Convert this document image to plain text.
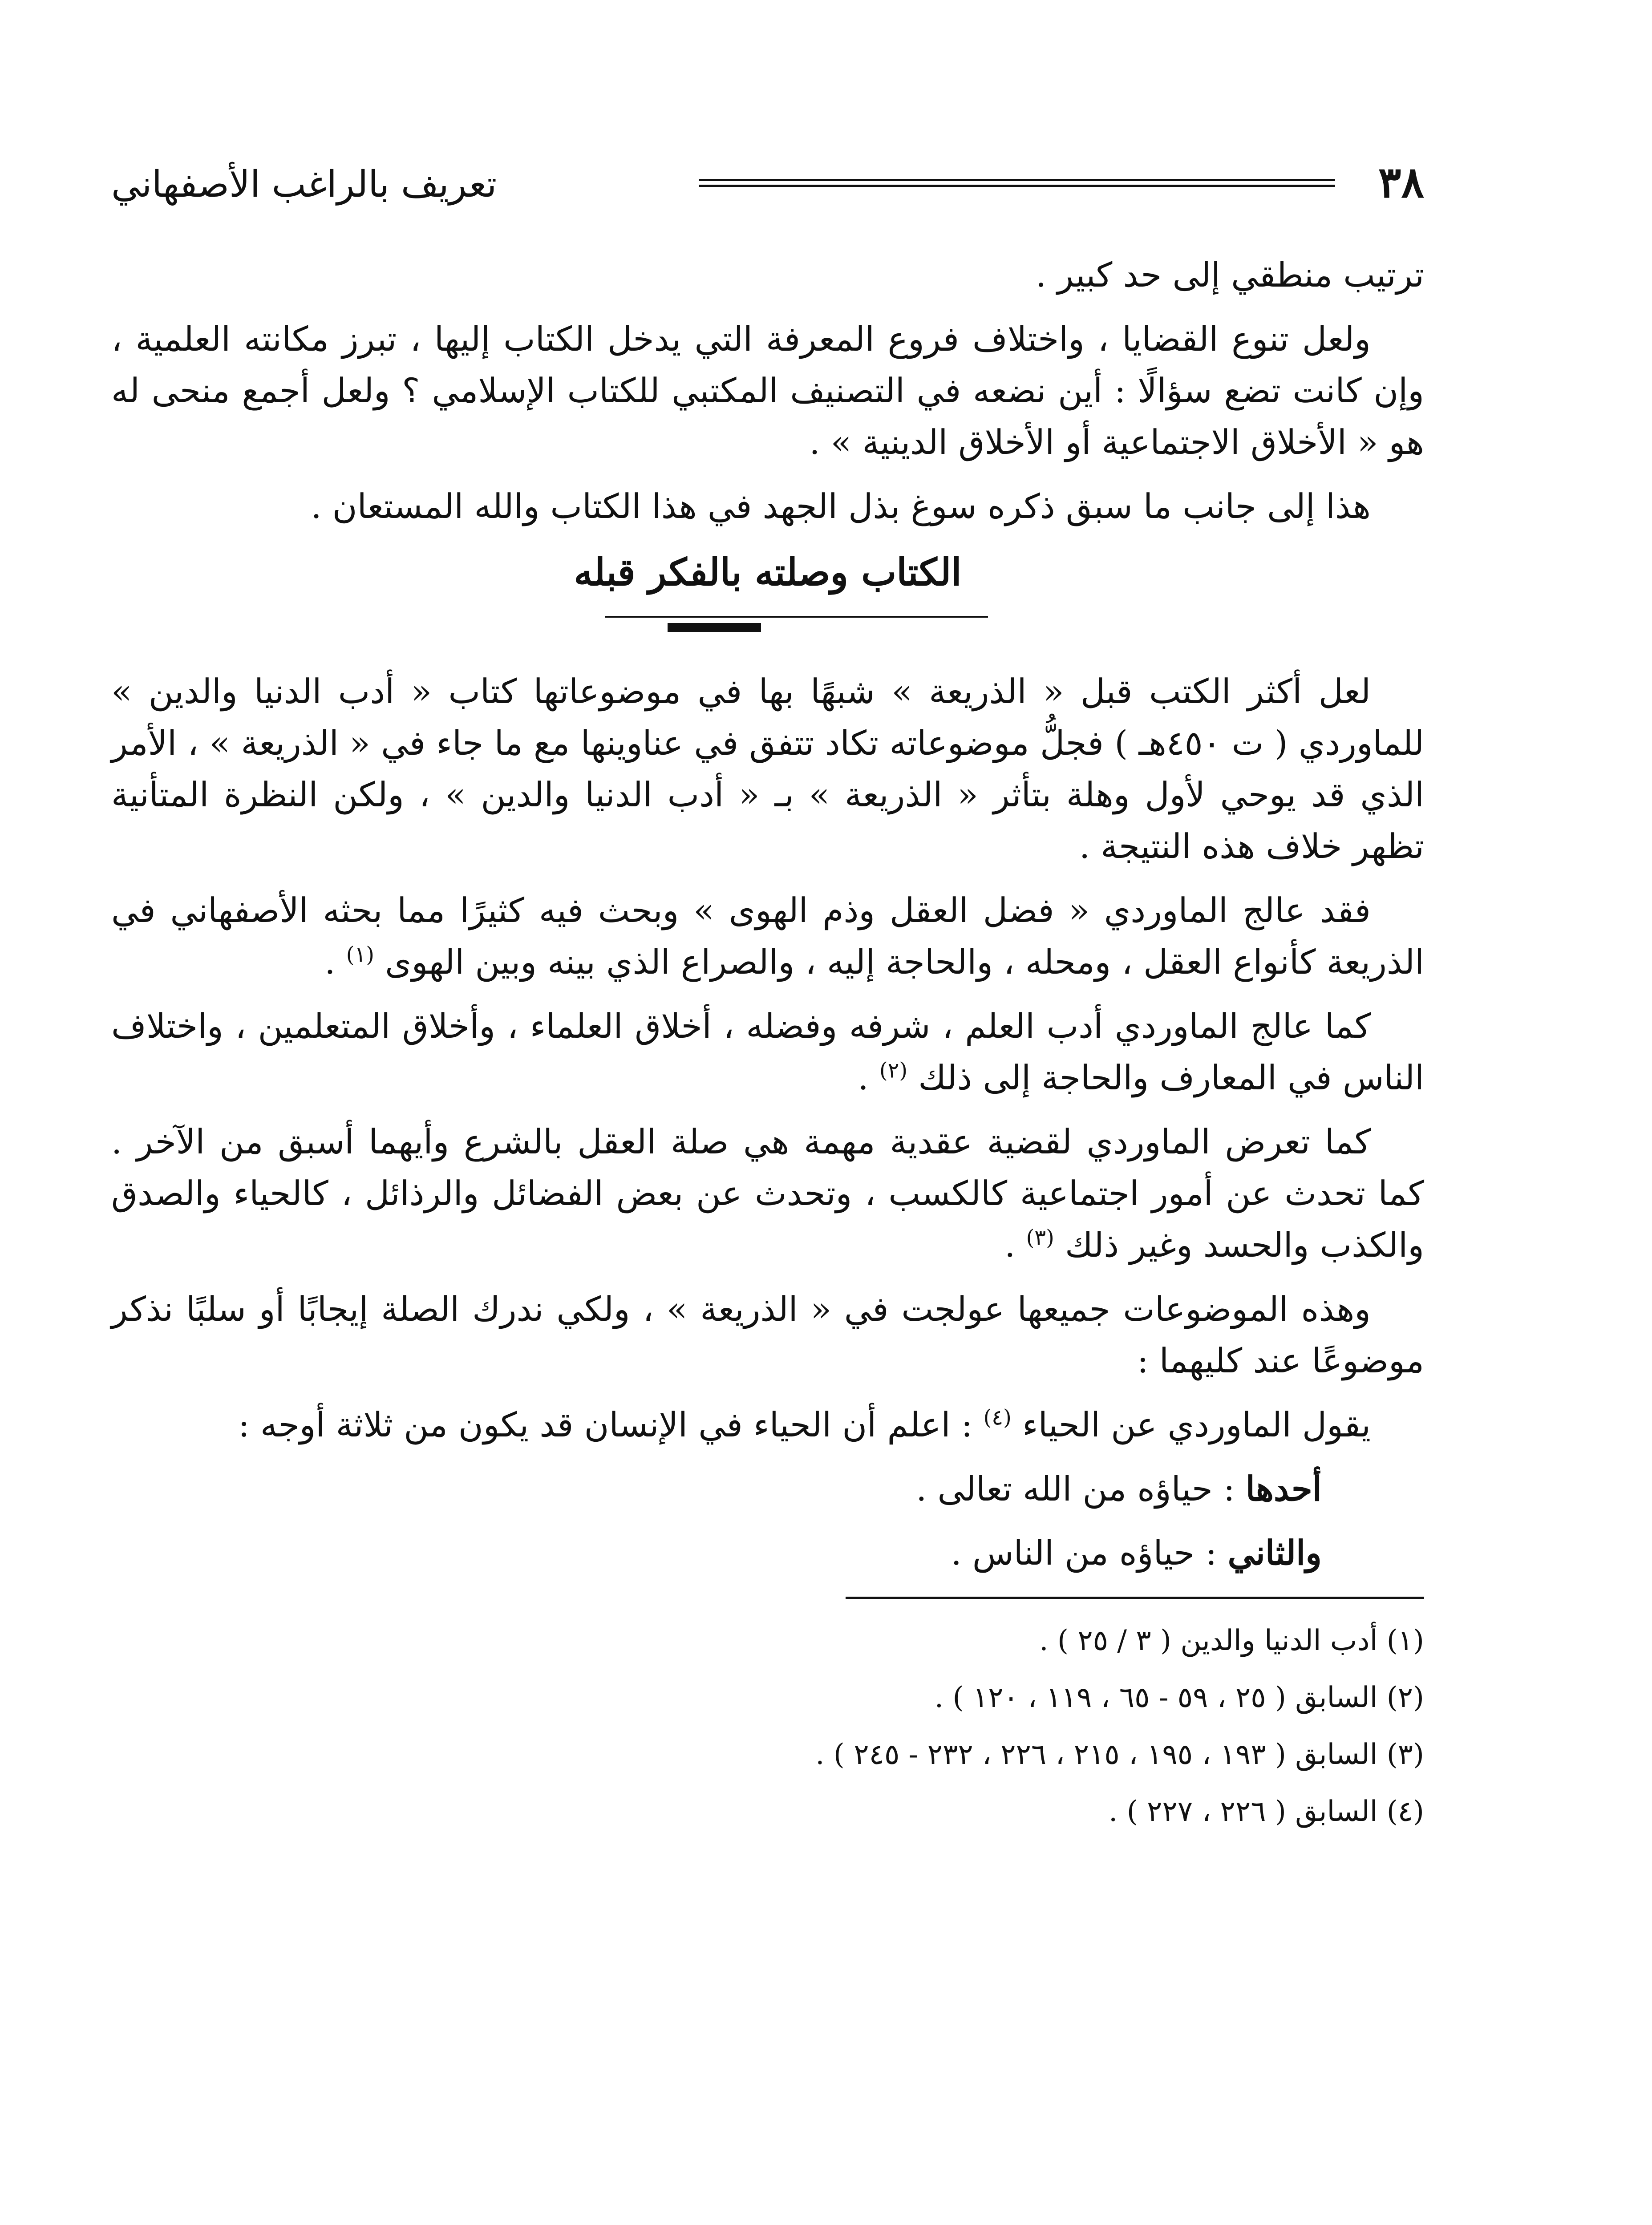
٣٨
تعريف بالراغب الأصفهاني

ترتيب منطقي إلى حد كبير .

ولعل تنوع القضايا ، واختلاف فروع المعرفة التي يدخل الكتاب إليها ، تبرز مكانته العلمية ، وإن كانت تضع سؤالًا : أين نضعه في التصنيف المكتبي للكتاب الإسلامي ؟ ولعل أجمع منحى له هو « الأخلاق الاجتماعية أو الأخلاق الدينية » .

هذا إلى جانب ما سبق ذكره سوغ بذل الجهد في هذا الكتاب والله المستعان .

الكتاب وصلته بالفكر قبله

لعل أكثر الكتب قبل « الذريعة » شبهًا بها في موضوعاتها كتاب « أدب الدنيا والدين » للماوردي ( ت ٤٥٠هـ ) فجلُّ موضوعاته تكاد تتفق في عناوينها مع ما جاء في « الذريعة » ، الأمر الذي قد يوحي لأول وهلة بتأثر « الذريعة » بـ « أدب الدنيا والدين » ، ولكن النظرة المتأنية تظهر خلاف هذه النتيجة .

فقد عالج الماوردي « فضل العقل وذم الهوى » وبحث فيه كثيرًا مما بحثه الأصفهاني في الذريعة كأنواع العقل ، ومحله ، والحاجة إليه ، والصراع الذي بينه وبين الهوى $^{(١)}$ .

كما عالج الماوردي أدب العلم ، شرفه وفضله ، أخلاق العلماء ، وأخلاق المتعلمين ، واختلاف الناس في المعارف والحاجة إلى ذلك $^{(٢)}$ .

كما تعرض الماوردي لقضية عقدية مهمة هي صلة العقل بالشرع وأيهما أسبق من الآخر . كما تحدث عن أمور اجتماعية كالكسب ، وتحدث عن بعض الفضائل والرذائل ، كالحياء والصدق والكذب والحسد وغير ذلك $^{(٣)}$ .

وهذه الموضوعات جميعها عولجت في « الذريعة » ، ولكي ندرك الصلة إيجابًا أو سلبًا نذكر موضوعًا عند كليهما :

يقول الماوردي عن الحياء $^{(٤)}$ : اعلم أن الحياء في الإنسان قد يكون من ثلاثة أوجه :

أحدها : حياؤه من الله تعالى .

والثاني : حياؤه من الناس .

(١) أدب الدنيا والدين ( ٣ / ٢٥ ) .

(٢) السابق ( ٢٥ ، ٥٩ - ٦٥ ، ١١٩ ، ١٢٠ ) .

(٣) السابق ( ١٩٣ ، ١٩٥ ، ٢١٥ ، ٢٢٦ ، ٢٣٢ - ٢٤٥ ) .

(٤) السابق ( ٢٢٦ ، ٢٢٧ ) .
